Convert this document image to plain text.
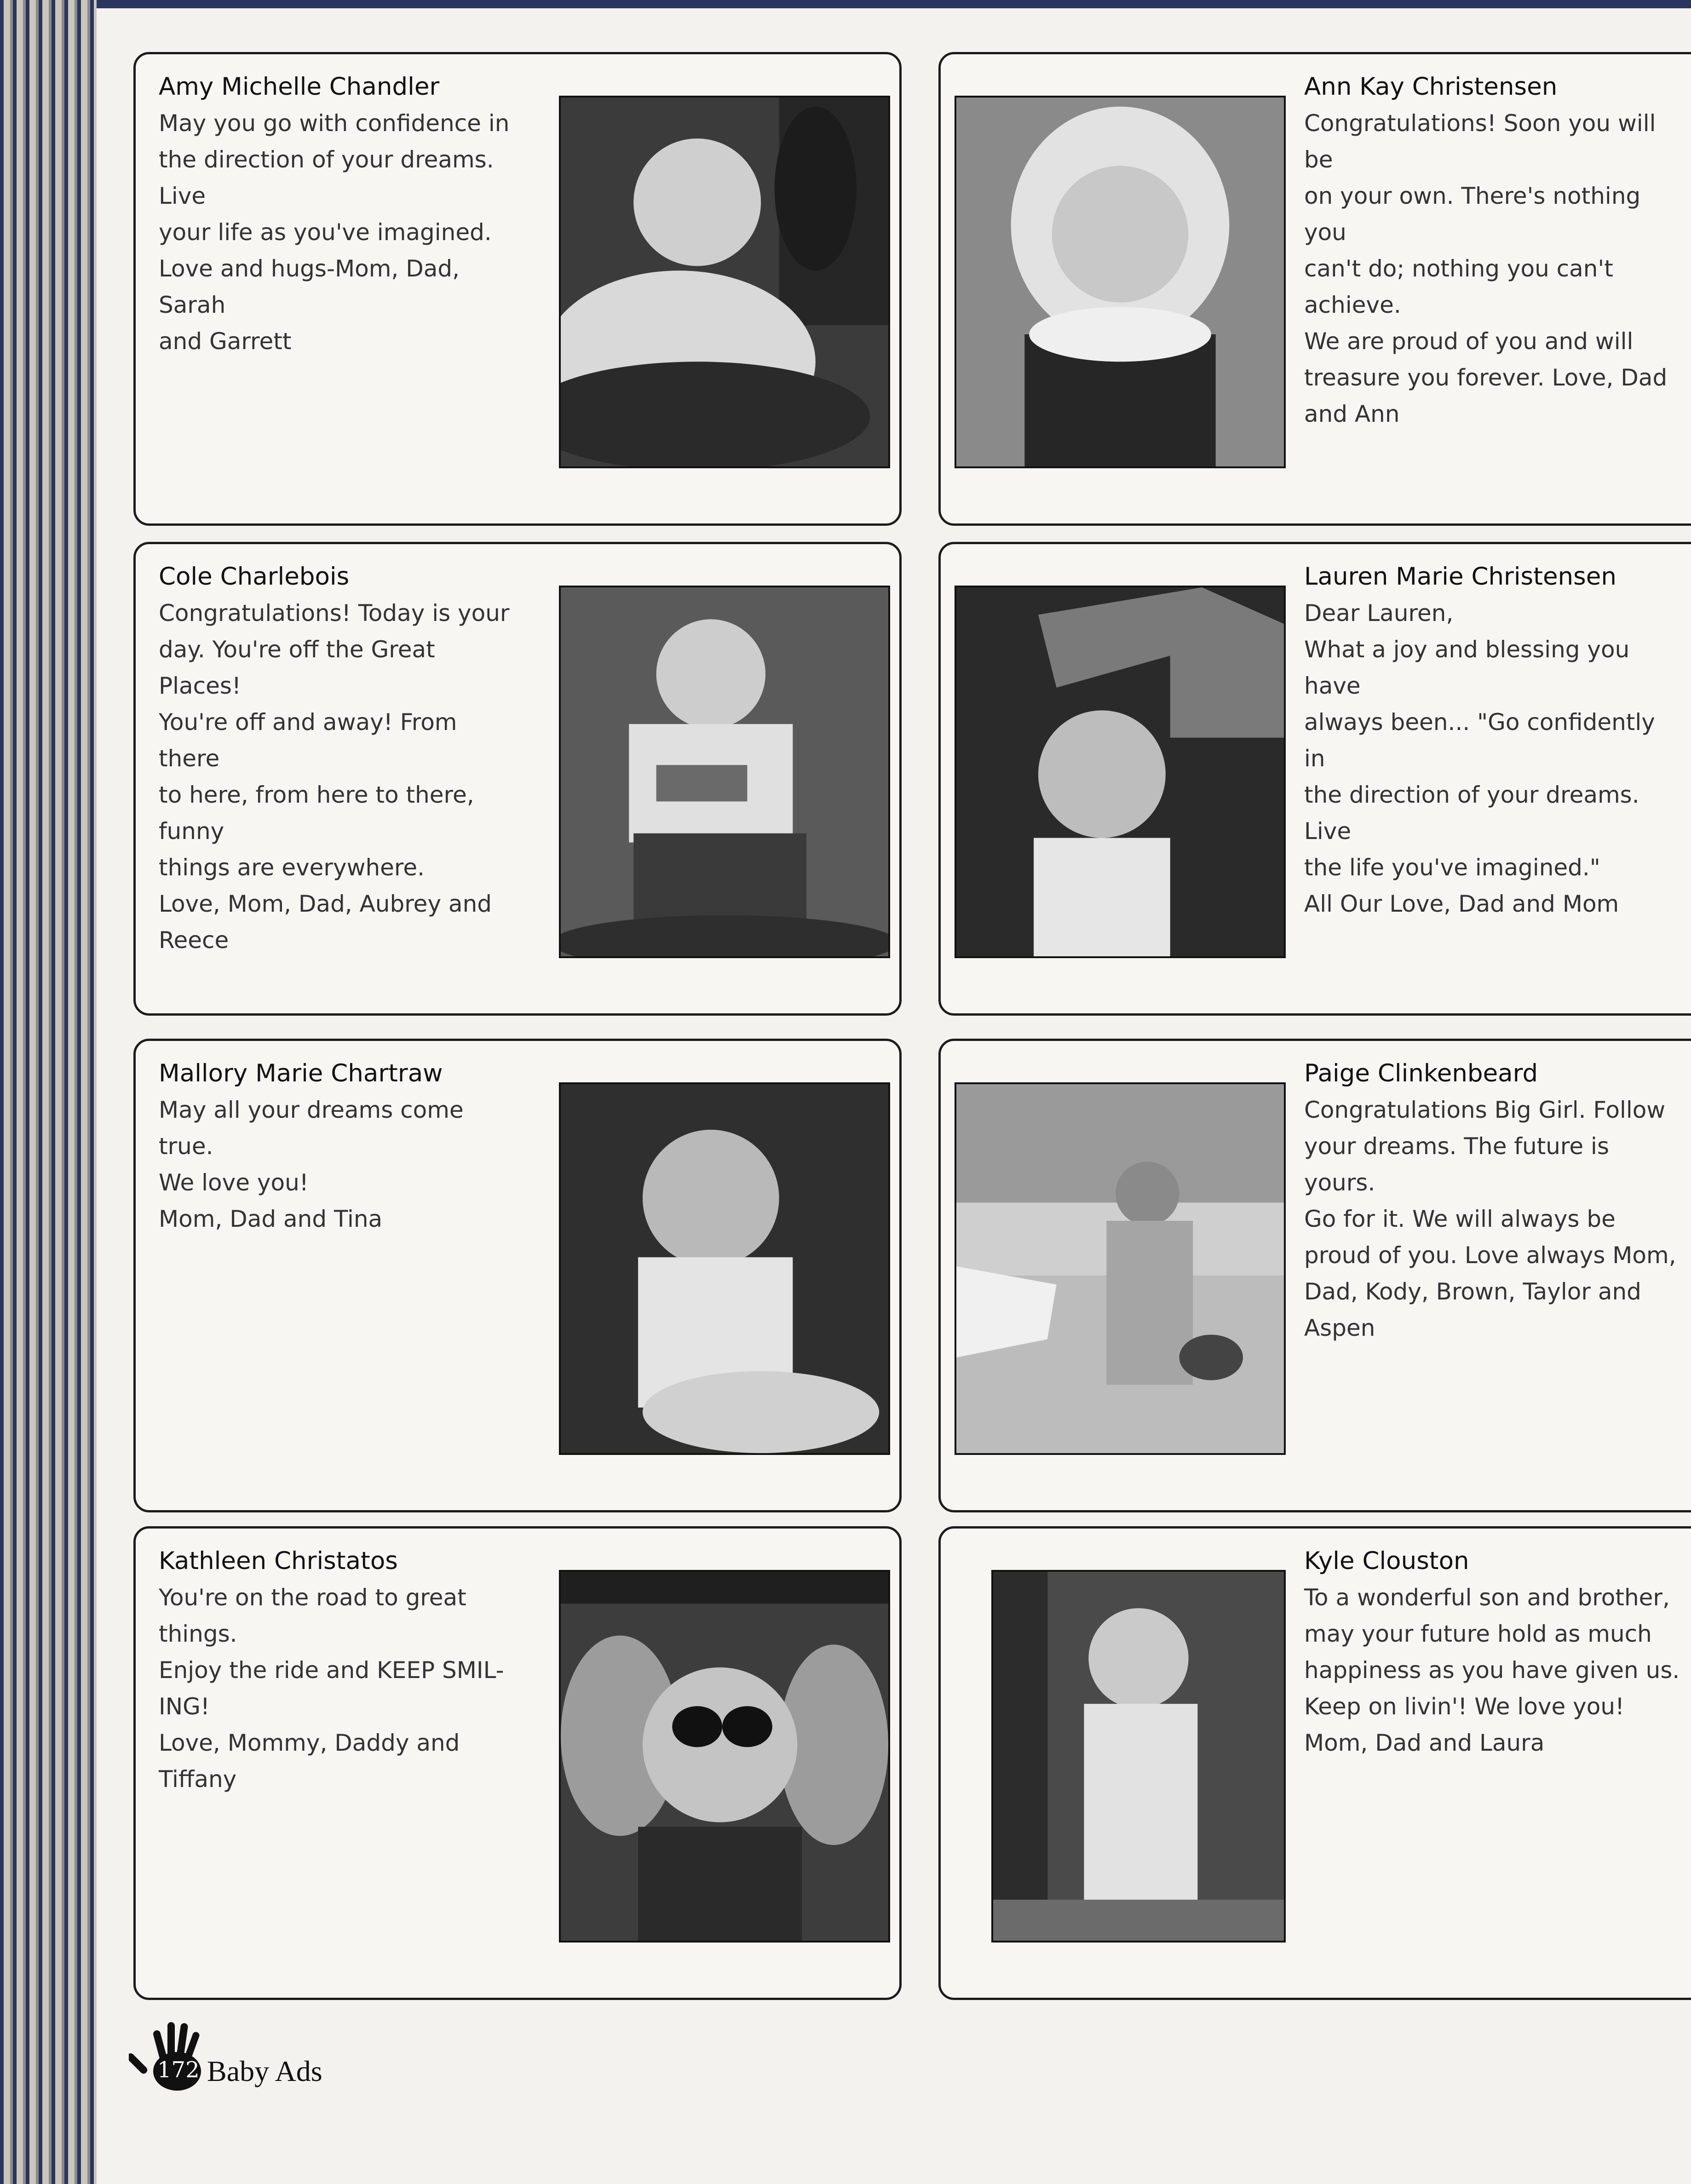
Amy Michelle Chandler

May you go with confidence in
the direction of your dreams. Live
your life as you've imagined.
Love and hugs-Mom, Dad, Sarah
and Garrett

Ann Kay Christensen

Congratulations! Soon you will be
on your own. There's nothing you
can't do; nothing you can't achieve.
We are proud of you and will
treasure you forever. Love, Dad
and Ann

Cole Charlebois

Congratulations! Today is your
day. You're off the Great Places!
You're off and away! From there
to here, from here to there, funny
things are everywhere.
Love, Mom, Dad, Aubrey and
Reece

Lauren Marie Christensen

Dear Lauren,
What a joy and blessing you have
always been... "Go confidently in
the direction of your dreams. Live
the life you've imagined."
All Our Love, Dad and Mom

Mallory Marie Chartraw

May all your dreams come true.
We love you!
Mom, Dad and Tina

Paige Clinkenbeard

Congratulations Big Girl. Follow
your dreams. The future is yours.
Go for it. We will always be
proud of you. Love always Mom,
Dad, Kody, Brown, Taylor and
Aspen

Kathleen Christatos

You're on the road to great things.
Enjoy the ride and KEEP SMIL-
ING!
Love, Mommy, Daddy and Tiffany

Kyle Clouston

To a wonderful son and brother,
may your future hold as much
happiness as you have given us.
Keep on livin'! We love you!
Mom, Dad and Laura

172 Baby Ads
